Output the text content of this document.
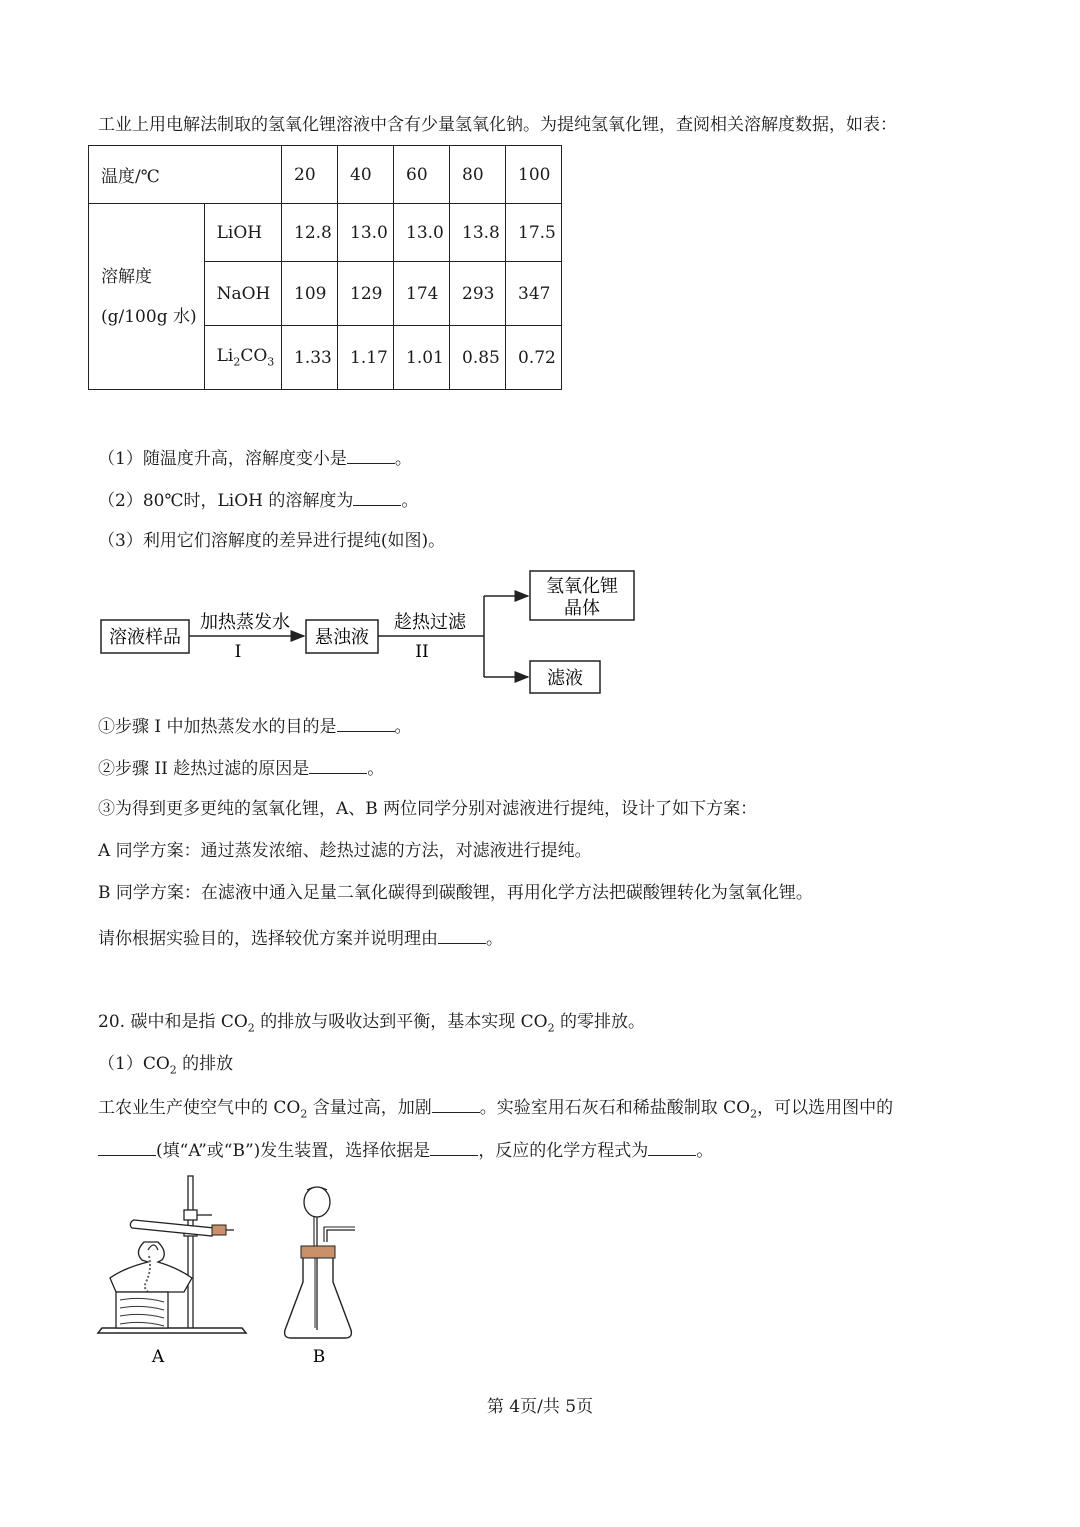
工业上用电解法制取的氢氧化锂溶液中含有少量氢氧化钠。为提纯氢氧化锂，查阅相关溶解度数据，如表：
温度/℃		20	40	60	80	100

溶解度
(g/100g 水)	LiOH	12.8	13.0	13.0	13.8	17.5
	NaOH	109	129	174	293	347
	$Li_2CO_3$	1.33	1.17	1.01	0.85	0.72
（1）随温度升高，溶解度变小是	。
（2）80℃时，LiOH 的溶解度为	。
（3）利用它们溶解度的差异进行提纯(如图)。
溶液样品
加热蒸发水
I
悬浊液
趁热过滤
II
氢氧化锂
晶体
滤液
①步骤 I 中加热蒸发水的目的是	。
②步骤 II 趁热过滤的原因是	。
③为得到更多更纯的氢氧化锂，A、B 两位同学分别对滤液进行提纯，设计了如下方案：
A 同学方案：通过蒸发浓缩、趁热过滤的方法，对滤液进行提纯。
B 同学方案：在滤液中通入足量二氧化碳得到碳酸锂，再用化学方法把碳酸锂转化为氢氧化锂。
请你根据实验目的，选择较优方案并说明理由	。
20. 碳中和是指 $CO_2$ 的排放与吸收达到平衡，基本实现 $CO_2$ 的零排放。
$(1)CO_2$ 的排放
工农业生产使空气中的 $CO_2$ 含量过高，加剧	。实验室用石灰石和稀盐酸制取 $CO_2$，可以选用图中的
(填“A”或“B”)发生装置，选择依据是	，反应的化学方程式为	。
A	B
第 4页/共 5页
